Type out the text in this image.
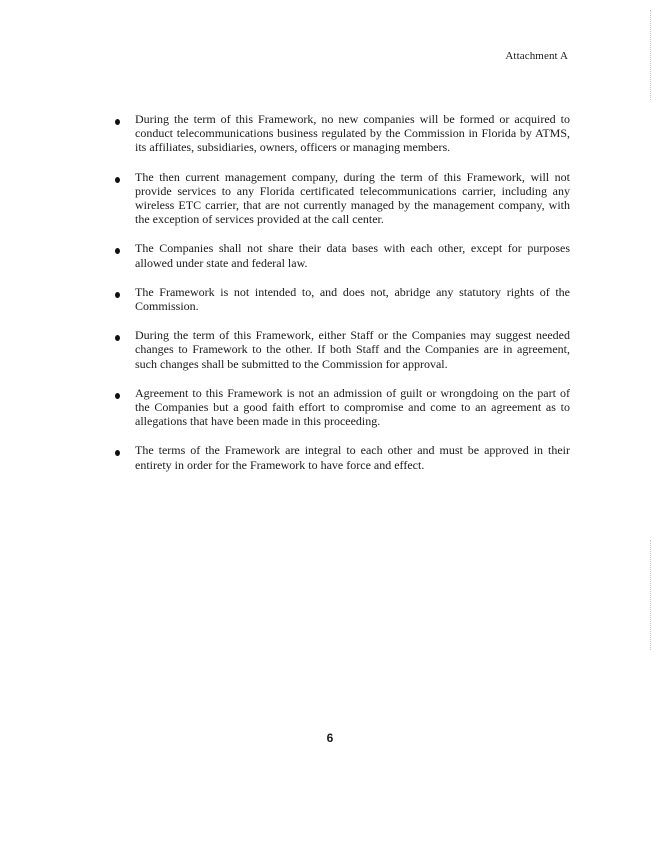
Attachment A
During the term of this Framework, no new companies will be formed or acquired to conduct telecommunications business regulated by the Commission in Florida by ATMS, its affiliates, subsidiaries, owners, officers or managing members.
The then current management company, during the term of this Framework, will not provide services to any Florida certificated telecommunications carrier, including any wireless ETC carrier, that are not currently managed by the management company, with the exception of services provided at the call center.
The Companies shall not share their data bases with each other, except for purposes allowed under state and federal law.
The Framework is not intended to, and does not, abridge any statutory rights of the Commission.
During the term of this Framework, either Staff or the Companies may suggest needed changes to Framework to the other. If both Staff and the Companies are in agreement, such changes shall be submitted to the Commission for approval.
Agreement to this Framework is not an admission of guilt or wrongdoing on the part of the Companies but a good faith effort to compromise and come to an agreement as to allegations that have been made in this proceeding.
The terms of the Framework are integral to each other and must be approved in their entirety in order for the Framework to have force and effect.
6
